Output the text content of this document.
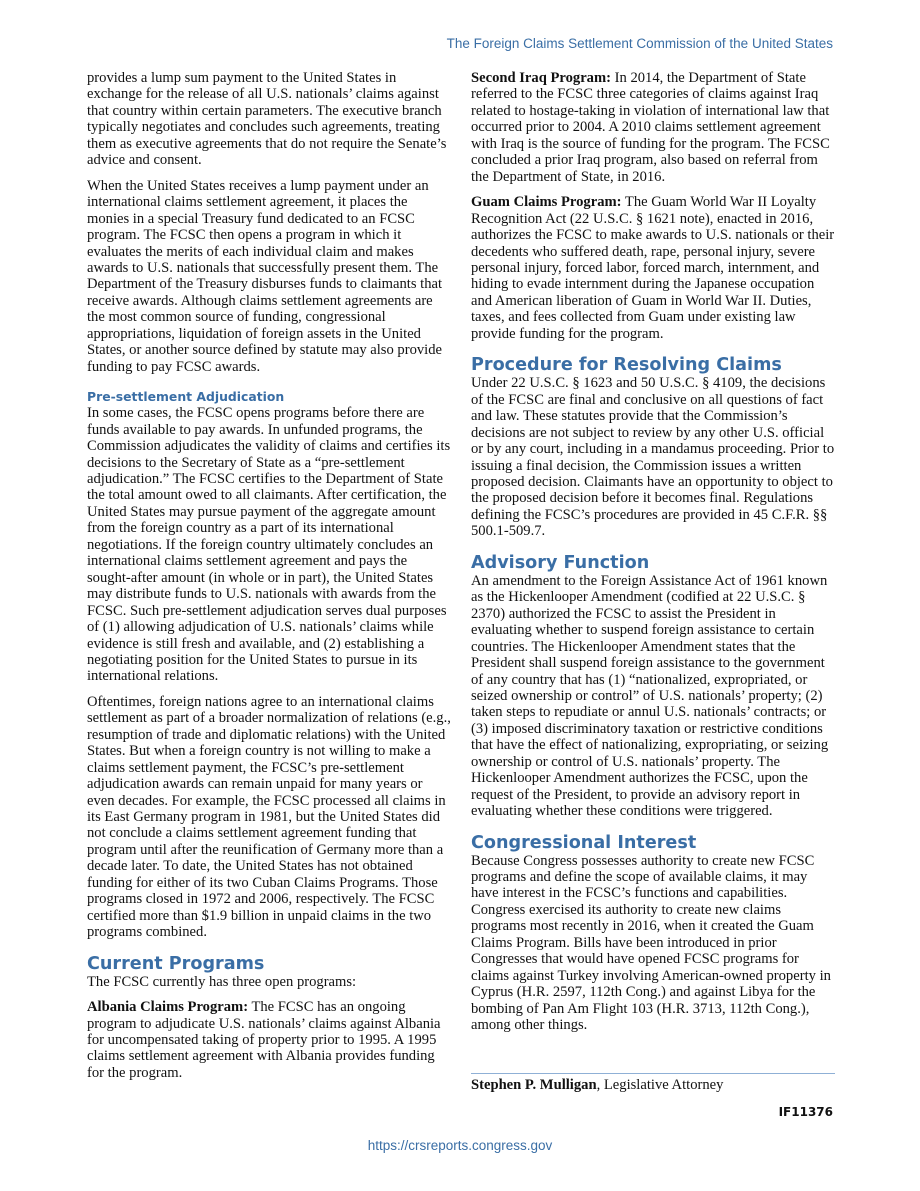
The Foreign Claims Settlement Commission of the United States

provides a lump sum payment to the United States in exchange for the release of all U.S. nationals’ claims against that country within certain parameters. The executive branch typically negotiates and concludes such agreements, treating them as executive agreements that do not require the Senate’s advice and consent.

When the United States receives a lump payment under an international claims settlement agreement, it places the monies in a special Treasury fund dedicated to an FCSC program. The FCSC then opens a program in which it evaluates the merits of each individual claim and makes awards to U.S. nationals that successfully present them. The Department of the Treasury disburses funds to claimants that receive awards. Although claims settlement agreements are the most common source of funding, congressional appropriations, liquidation of foreign assets in the United States, or another source defined by statute may also provide funding to pay FCSC awards.

Pre-settlement Adjudication

In some cases, the FCSC opens programs before there are funds available to pay awards. In unfunded programs, the Commission adjudicates the validity of claims and certifies its decisions to the Secretary of State as a “pre-settlement adjudication.” The FCSC certifies to the Department of State the total amount owed to all claimants. After certification, the United States may pursue payment of the aggregate amount from the foreign country as a part of its international negotiations. If the foreign country ultimately concludes an international claims settlement agreement and pays the sought-after amount (in whole or in part), the United States may distribute funds to U.S. nationals with awards from the FCSC. Such pre-settlement adjudication serves dual purposes of (1) allowing adjudication of U.S. nationals’ claims while evidence is still fresh and available, and (2) establishing a negotiating position for the United States to pursue in its international relations.

Oftentimes, foreign nations agree to an international claims settlement as part of a broader normalization of relations (e.g., resumption of trade and diplomatic relations) with the United States. But when a foreign country is not willing to make a claims settlement payment, the FCSC’s pre-settlement adjudication awards can remain unpaid for many years or even decades. For example, the FCSC processed all claims in its East Germany program in 1981, but the United States did not conclude a claims settlement agreement funding that program until after the reunification of Germany more than a decade later. To date, the United States has not obtained funding for either of its two Cuban Claims Programs. Those programs closed in 1972 and 2006, respectively. The FCSC certified more than $1.9 billion in unpaid claims in the two programs combined.

Current Programs

The FCSC currently has three open programs:

Albania Claims Program: The FCSC has an ongoing program to adjudicate U.S. nationals’ claims against Albania for uncompensated taking of property prior to 1995. A 1995 claims settlement agreement with Albania provides funding for the program.

Second Iraq Program: In 2014, the Department of State referred to the FCSC three categories of claims against Iraq related to hostage-taking in violation of international law that occurred prior to 2004. A 2010 claims settlement agreement with Iraq is the source of funding for the program. The FCSC concluded a prior Iraq program, also based on referral from the Department of State, in 2016.

Guam Claims Program: The Guam World War II Loyalty Recognition Act (22 U.S.C. § 1621 note), enacted in 2016, authorizes the FCSC to make awards to U.S. nationals or their decedents who suffered death, rape, personal injury, severe personal injury, forced labor, forced march, internment, and hiding to evade internment during the Japanese occupation and American liberation of Guam in World War II. Duties, taxes, and fees collected from Guam under existing law provide funding for the program.

Procedure for Resolving Claims

Under 22 U.S.C. § 1623 and 50 U.S.C. § 4109, the decisions of the FCSC are final and conclusive on all questions of fact and law. These statutes provide that the Commission’s decisions are not subject to review by any other U.S. official or by any court, including in a mandamus proceeding. Prior to issuing a final decision, the Commission issues a written proposed decision. Claimants have an opportunity to object to the proposed decision before it becomes final. Regulations defining the FCSC’s procedures are provided in 45 C.F.R. §§ 500.1-509.7.

Advisory Function

An amendment to the Foreign Assistance Act of 1961 known as the Hickenlooper Amendment (codified at 22 U.S.C. § 2370) authorized the FCSC to assist the President in evaluating whether to suspend foreign assistance to certain countries. The Hickenlooper Amendment states that the President shall suspend foreign assistance to the government of any country that has (1) “nationalized, expropriated, or seized ownership or control” of U.S. nationals’ property; (2) taken steps to repudiate or annul U.S. nationals’ contracts; or (3) imposed discriminatory taxation or restrictive conditions that have the effect of nationalizing, expropriating, or seizing ownership or control of U.S. nationals’ property. The Hickenlooper Amendment authorizes the FCSC, upon the request of the President, to provide an advisory report in evaluating whether these conditions were triggered.

Congressional Interest

Because Congress possesses authority to create new FCSC programs and define the scope of available claims, it may have interest in the FCSC’s functions and capabilities. Congress exercised its authority to create new claims programs most recently in 2016, when it created the Guam Claims Program. Bills have been introduced in prior Congresses that would have opened FCSC programs for claims against Turkey involving American-owned property in Cyprus (H.R. 2597, 112th Cong.) and against Libya for the bombing of Pan Am Flight 103 (H.R. 3713, 112th Cong.), among other things.

Stephen P. Mulligan, Legislative Attorney
IF11376
https://crsreports.congress.gov
